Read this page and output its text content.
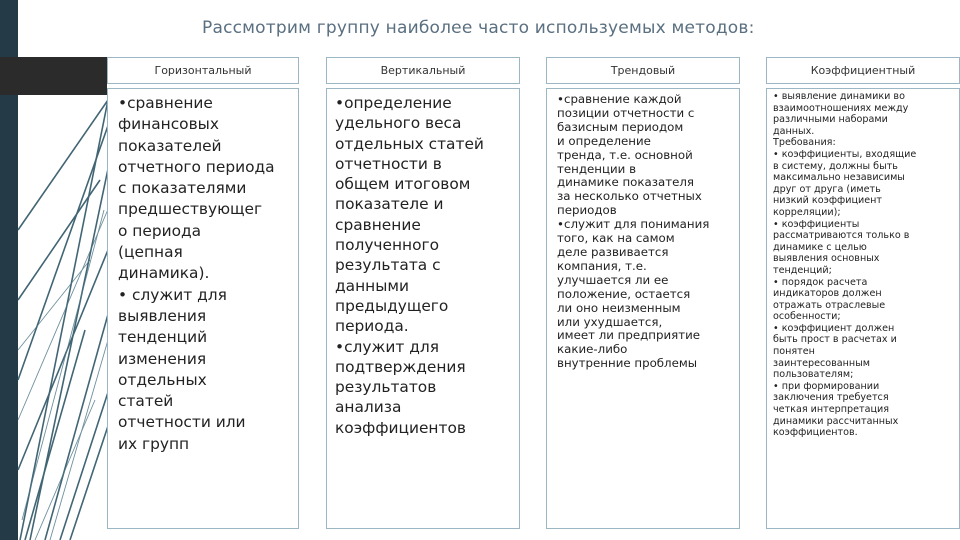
Рассмотрим группу наиболее часто используемых методов:
Горизонтальный

•сравнение
финансовых
показателей
отчетного периода
с показателями
предшествующег
о периода
(цепная
динамика).
• служит для
выявления
тенденций
изменения
отдельных
статей
отчетности или
их групп

Вертикальный

•определение
удельного веса
отдельных статей
отчетности в
общем итоговом
показателе и
сравнение
полученного
результата с
данными
предыдущего
периода.
•служит для
подтверждения
результатов
анализа
коэффициентов

Трендовый

•сравнение каждой
позиции отчетности с
базисным периодом
и определение
тренда, т.е. основной
тенденции в
динамике показателя
за несколько отчетных
периодов
•служит для понимания
того, как на самом
деле развивается
компания, т.е.
улучшается ли ее
положение, остается
ли оно неизменным
или ухудшается,
имеет ли предприятие
какие-либо
внутренние проблемы

Коэффициентный

• выявление динамики во
взаимоотношениях между
различными наборами
данных.
Требования:
• коэффициенты, входящие
в систему, должны быть
максимально независимы
друг от друга (иметь
низкий коэффициент
корреляции);
• коэффициенты
рассматриваются только в
динамике с целью
выявления основных
тенденций;
• порядок расчета
индикаторов должен
отражать отраслевые
особенности;
• коэффициент должен
быть прост в расчетах и
понятен
заинтересованным
пользователям;
• при формировании
заключения требуется
четкая интерпретация
динамики рассчитанных
коэффициентов.
